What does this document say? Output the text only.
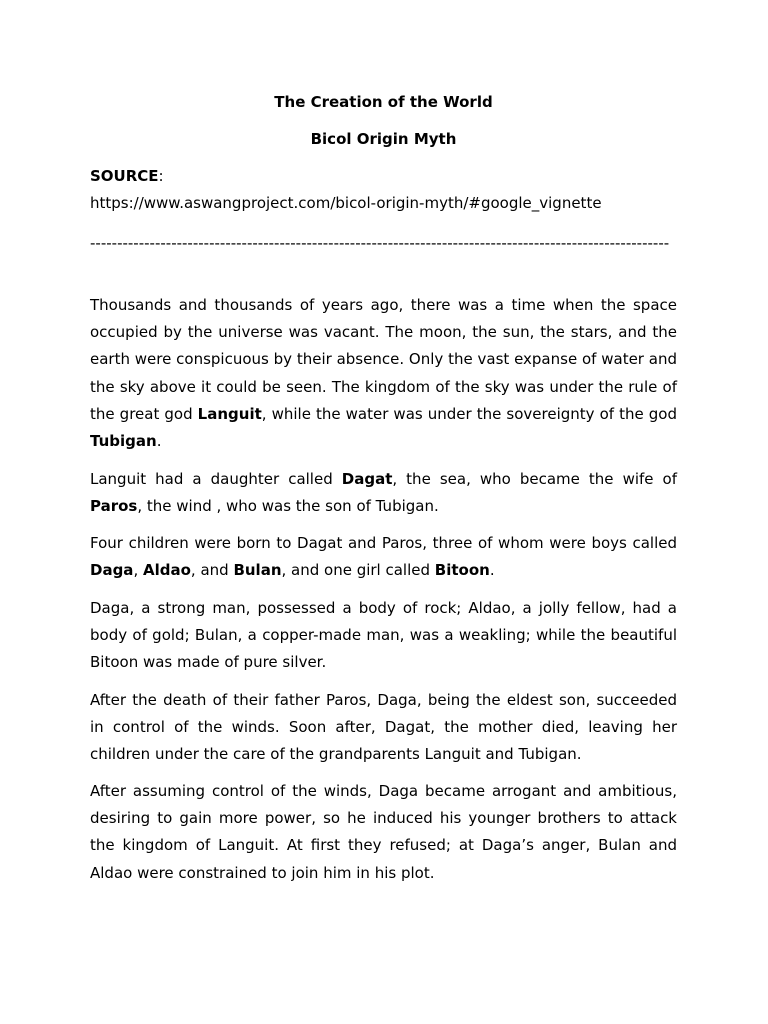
The Creation of the World
Bicol Origin Myth
SOURCE:
https://www.aswangproject.com/bicol-origin-myth/#google_vignette
-----------------------------------------------------------------------------------------------------------

Thousands and thousands of years ago, there was a time when the space occupied by the universe was vacant. The moon, the sun, the stars, and the earth were conspicuous by their absence. Only the vast expanse of water and the sky above it could be seen. The kingdom of the sky was under the rule of the great god Languit, while the water was under the sovereignty of the god Tubigan.

Languit had a daughter called Dagat, the sea, who became the wife of Paros, the wind , who was the son of Tubigan.

Four children were born to Dagat and Paros, three of whom were boys called Daga, Aldao, and Bulan, and one girl called Bitoon.

Daga, a strong man, possessed a body of rock; Aldao, a jolly fellow, had a body of gold; Bulan, a copper-made man, was a weakling; while the beautiful Bitoon was made of pure silver.

After the death of their father Paros, Daga, being the eldest son, succeeded in control of the winds. Soon after, Dagat, the mother died, leaving her children under the care of the grandparents Languit and Tubigan.

After assuming control of the winds, Daga became arrogant and ambitious, desiring to gain more power, so he induced his younger brothers to attack the kingdom of Languit. At first they refused; at Daga’s anger, Bulan and Aldao were constrained to join him in his plot.
